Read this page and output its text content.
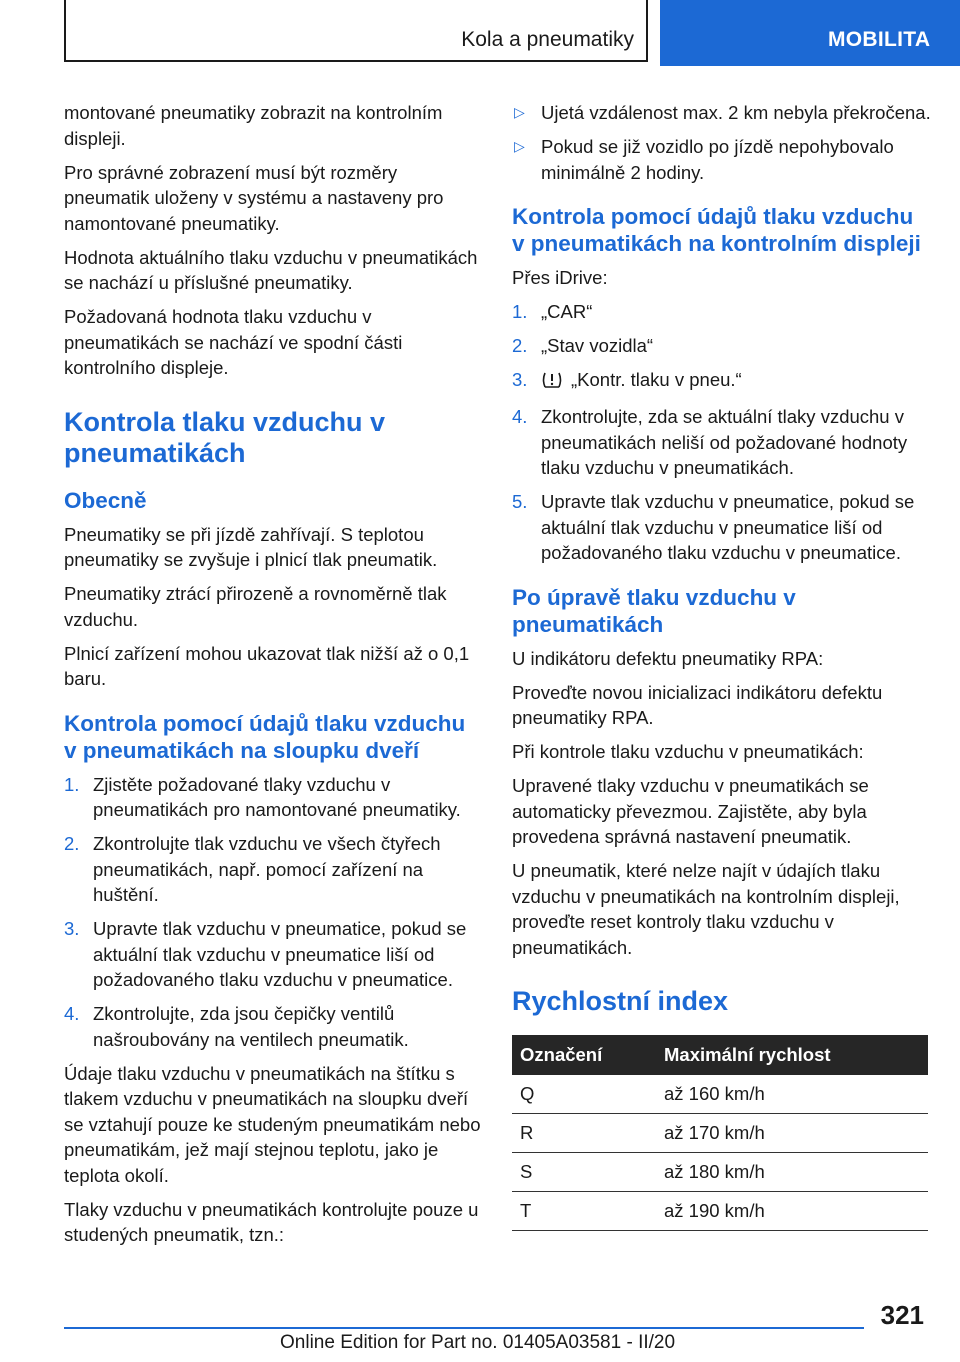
Kola a pneumatiky	MOBILITA

montované pneumatiky zobrazit na kontrolním displeji.

Pro správné zobrazení musí být rozměry pneumatik uloženy v systému a nastaveny pro namontované pneumatiky.

Hodnota aktuálního tlaku vzduchu v pneumatikách se nachází u příslušné pneumatiky.

Požadovaná hodnota tlaku vzduchu v pneumatikách se nachází ve spodní části kontrolního displeje.

Kontrola tlaku vzduchu v pneumatikách
Obecně

Pneumatiky se při jízdě zahřívají. S teplotou pneumatiky se zvyšuje i plnicí tlak pneumatik.

Pneumatiky ztrácí přirozeně a rovnoměrně tlak vzduchu.

Plnicí zařízení mohou ukazovat tlak nižší až o 0,1 baru.

Kontrola pomocí údajů tlaku vzduchu v pneumatikách na sloupku dveří
1. Zjistěte požadované tlaky vzduchu v pneumatikách pro namontované pneumatiky.
2. Zkontrolujte tlak vzduchu ve všech čtyřech pneumatikách, např. pomocí zařízení na huštění.
3. Upravte tlak vzduchu v pneumatice, pokud se aktuální tlak vzduchu v pneumatice liší od požadovaného tlaku vzduchu v pneumatice.
4. Zkontrolujte, zda jsou čepičky ventilů našroubovány na ventilech pneumatik.

Údaje tlaku vzduchu v pneumatikách na štítku s tlakem vzduchu v pneumatikách na sloupku dveří se vztahují pouze ke studeným pneumatikám nebo pneumatikám, jež mají stejnou teplotu, jako je teplota okolí.

Tlaky vzduchu v pneumatikách kontrolujte pouze u studených pneumatik, tzn.:

▷ Ujetá vzdálenost max. 2 km nebyla překročena.
▷ Pokud se již vozidlo po jízdě nepohybovalo minimálně 2 hodiny.
Kontrola pomocí údajů tlaku vzduchu v pneumatikách na kontrolním displeji

Přes iDrive:

1. „CAR“
2. „Stav vozidla“
3. „Kontr. tlaku v pneu.“
4. Zkontrolujte, zda se aktuální tlaky vzduchu v pneumatikách neliší od požadované hodnoty tlaku vzduchu v pneumatikách.
5. Upravte tlak vzduchu v pneumatice, pokud se aktuální tlak vzduchu v pneumatice liší od požadovaného tlaku vzduchu v pneumatice.
Po úpravě tlaku vzduchu v pneumatikách

U indikátoru defektu pneumatiky RPA:

Proveďte novou inicializaci indikátoru defektu pneumatiky RPA.

Při kontrole tlaku vzduchu v pneumatikách:

Upravené tlaky vzduchu v pneumatikách se automaticky převezmou. Zajistěte, aby byla provedena správná nastavení pneumatik.

U pneumatik, které nelze najít v údajích tlaku vzduchu v pneumatikách na kontrolním displeji, proveďte reset kontroly tlaku vzduchu v pneumatikách.

Rychlostní index
Označení	Maximální rychlost
Q	až 160 km/h
R	až 170 km/h
S	až 180 km/h
T	až 190 km/h
321
Online Edition for Part no. 01405A03581 - II/20
